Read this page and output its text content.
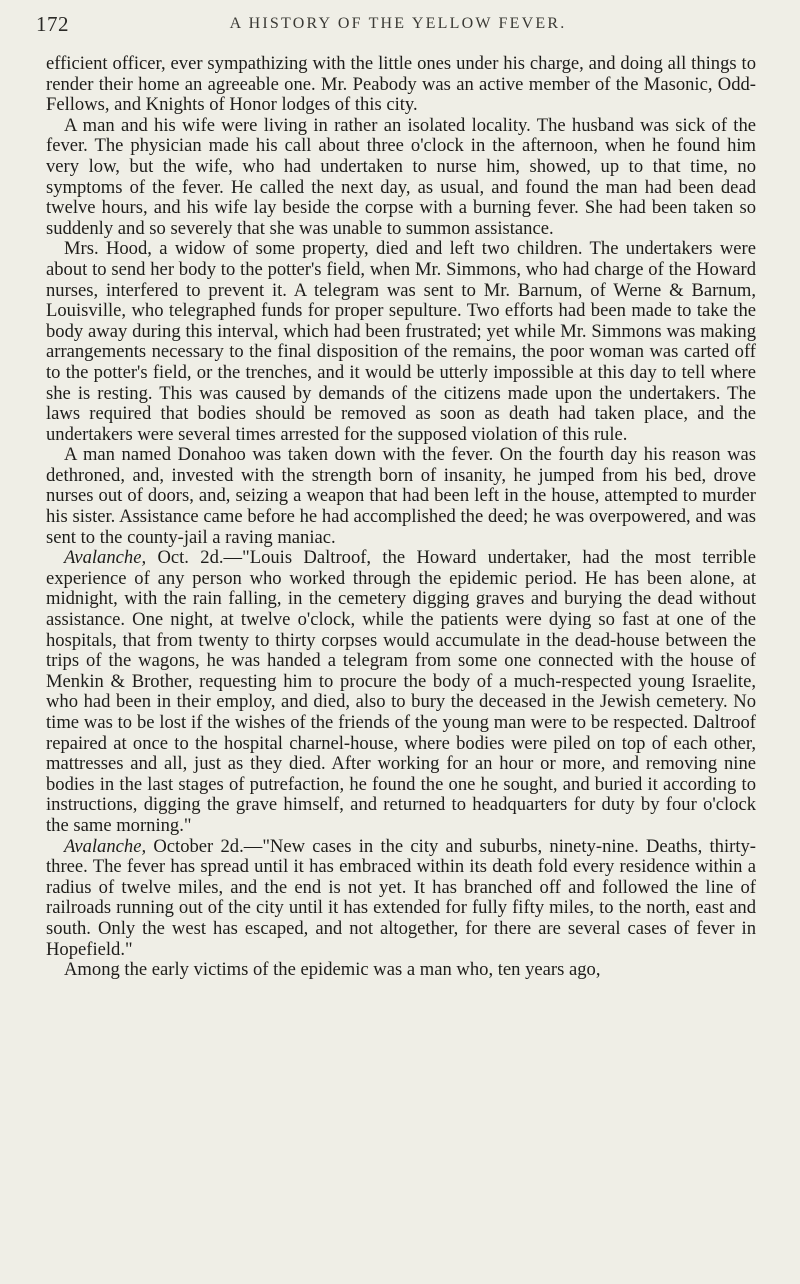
172	A HISTORY OF THE YELLOW FEVER.

efficient officer, ever sympathizing with the little ones under his charge, and doing all things to render their home an agreeable one. Mr. Peabody was an active member of the Masonic, Odd-Fellows, and Knights of Honor lodges of this city.

A man and his wife were living in rather an isolated locality. The husband was sick of the fever. The physician made his call about three o'clock in the afternoon, when he found him very low, but the wife, who had undertaken to nurse him, showed, up to that time, no symptoms of the fever. He called the next day, as usual, and found the man had been dead twelve hours, and his wife lay beside the corpse with a burning fever. She had been taken so suddenly and so severely that she was unable to summon assistance.

Mrs. Hood, a widow of some property, died and left two children. The undertakers were about to send her body to the potter's field, when Mr. Simmons, who had charge of the Howard nurses, interfered to prevent it. A telegram was sent to Mr. Barnum, of Werne & Barnum, Louisville, who telegraphed funds for proper sepulture. Two efforts had been made to take the body away during this interval, which had been frustrated; yet while Mr. Simmons was making arrangements necessary to the final disposition of the remains, the poor woman was carted off to the potter's field, or the trenches, and it would be utterly impossible at this day to tell where she is resting. This was caused by demands of the citizens made upon the undertakers. The laws required that bodies should be removed as soon as death had taken place, and the undertakers were several times arrested for the supposed violation of this rule.

A man named Donahoo was taken down with the fever. On the fourth day his reason was dethroned, and, invested with the strength born of insanity, he jumped from his bed, drove nurses out of doors, and, seizing a weapon that had been left in the house, attempted to murder his sister. Assistance came before he had accomplished the deed; he was overpowered, and was sent to the county-jail a raving maniac.

Avalanche, Oct. 2d.—"Louis Daltroof, the Howard undertaker, had the most terrible experience of any person who worked through the epidemic period. He has been alone, at midnight, with the rain falling, in the cemetery digging graves and burying the dead without assistance. One night, at twelve o'clock, while the patients were dying so fast at one of the hospitals, that from twenty to thirty corpses would accumulate in the dead-house between the trips of the wagons, he was handed a telegram from some one connected with the house of Menkin & Brother, requesting him to procure the body of a much-respected young Israelite, who had been in their employ, and died, also to bury the deceased in the Jewish cemetery. No time was to be lost if the wishes of the friends of the young man were to be respected. Daltroof repaired at once to the hospital charnel-house, where bodies were piled on top of each other, mattresses and all, just as they died. After working for an hour or more, and removing nine bodies in the last stages of putrefaction, he found the one he sought, and buried it according to instructions, digging the grave himself, and returned to headquarters for duty by four o'clock the same morning."

Avalanche, October 2d.—"New cases in the city and suburbs, ninety-nine. Deaths, thirty-three. The fever has spread until it has embraced within its death fold every residence within a radius of twelve miles, and the end is not yet. It has branched off and followed the line of railroads running out of the city until it has extended for fully fifty miles, to the north, east and south. Only the west has escaped, and not altogether, for there are several cases of fever in Hopefield."

Among the early victims of the epidemic was a man who, ten years ago,
